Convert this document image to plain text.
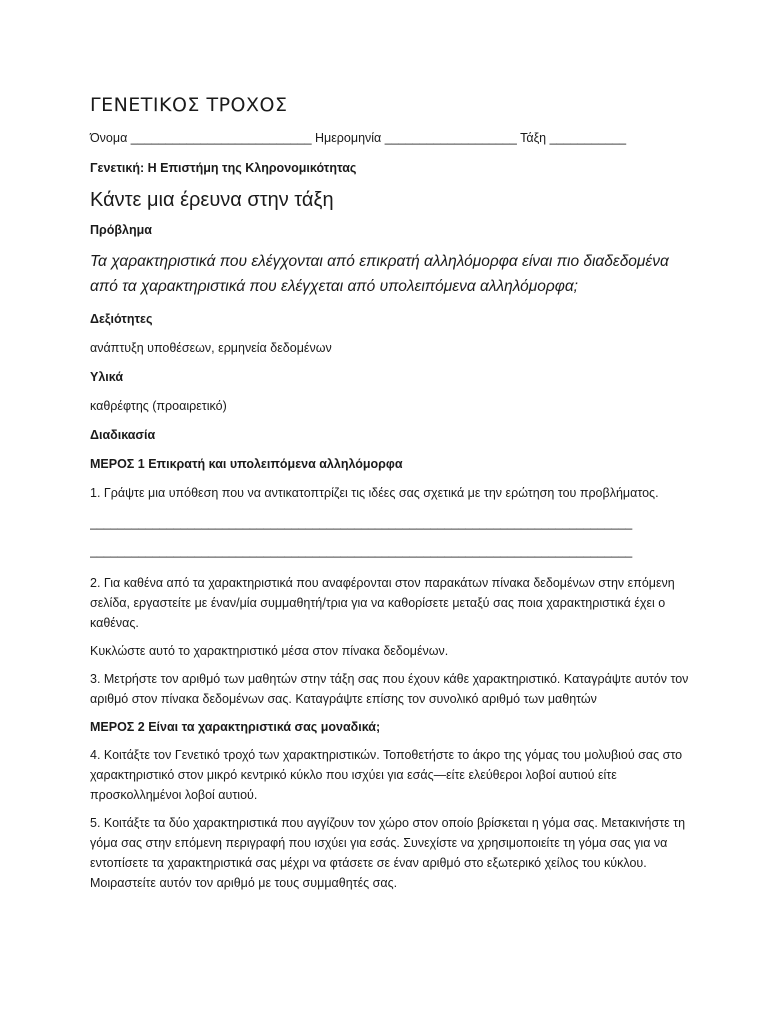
ΓΕΝΕΤΙΚΟΣ ΤΡΟΧΟΣ

Όνομα __________________________ Ημερομηνία ___________________ Τάξη ___________

Γενετική: Η Επιστήμη της Κληρονομικότητας

Κάντε μια έρευνα στην τάξη

Πρόβλημα

Τα χαρακτηριστικά που ελέγχονται από επικρατή αλληλόμορφα είναι πιο διαδεδομένα από τα χαρακτηριστικά που ελέγχεται από υπολειπόμενα αλληλόμορφα;

Δεξιότητες

ανάπτυξη υποθέσεων, ερμηνεία δεδομένων

Υλικά

καθρέφτης (προαιρετικό)

Διαδικασία

ΜΕΡΟΣ 1 Επικρατή και υπολειπόμενα αλληλόμορφα

1. Γράψτε μια υπόθεση που να αντικατοπτρίζει τις ιδέες σας σχετικά με την ερώτηση του προβλήματος.

______________________________________________________________________________
______________________________________________________________________________

2. Για καθένα από τα χαρακτηριστικά που αναφέρονται στον παρακάτων πίνακα δεδομένων στην επόμενη σελίδα, εργαστείτε με έναν/μία συμμαθητή/τρια για να καθορίσετε μεταξύ σας ποια χαρακτηριστικά έχει ο καθένας.

Κυκλώστε αυτό το χαρακτηριστικό μέσα στον πίνακα δεδομένων.

3. Μετρήστε τον αριθμό των μαθητών στην τάξη σας που έχουν κάθε χαρακτηριστικό. Καταγράψτε αυτόν τον αριθμό στον πίνακα δεδομένων σας. Καταγράψτε επίσης τον συνολικό αριθμό των μαθητών

ΜΕΡΟΣ 2 Είναι τα χαρακτηριστικά σας μοναδικά;

4. Κοιτάξτε τον Γενετικό τροχό των χαρακτηριστικών. Τοποθετήστε το άκρο της γόμας του μολυβιού σας στο χαρακτηριστικό στον μικρό κεντρικό κύκλο που ισχύει για εσάς—είτε ελεύθεροι λοβοί αυτιού είτε προσκολλημένοι λοβοί αυτιού.

5. Κοιτάξτε τα δύο χαρακτηριστικά που αγγίζουν τον χώρο στον οποίο βρίσκεται η γόμα σας. Μετακινήστε τη γόμα σας στην επόμενη περιγραφή που ισχύει για εσάς. Συνεχίστε να χρησιμοποιείτε τη γόμα σας για να εντοπίσετε τα χαρακτηριστικά σας μέχρι να φτάσετε σε έναν αριθμό στο εξωτερικό χείλος του κύκλου. Μοιραστείτε αυτόν τον αριθμό με τους συμμαθητές σας.
